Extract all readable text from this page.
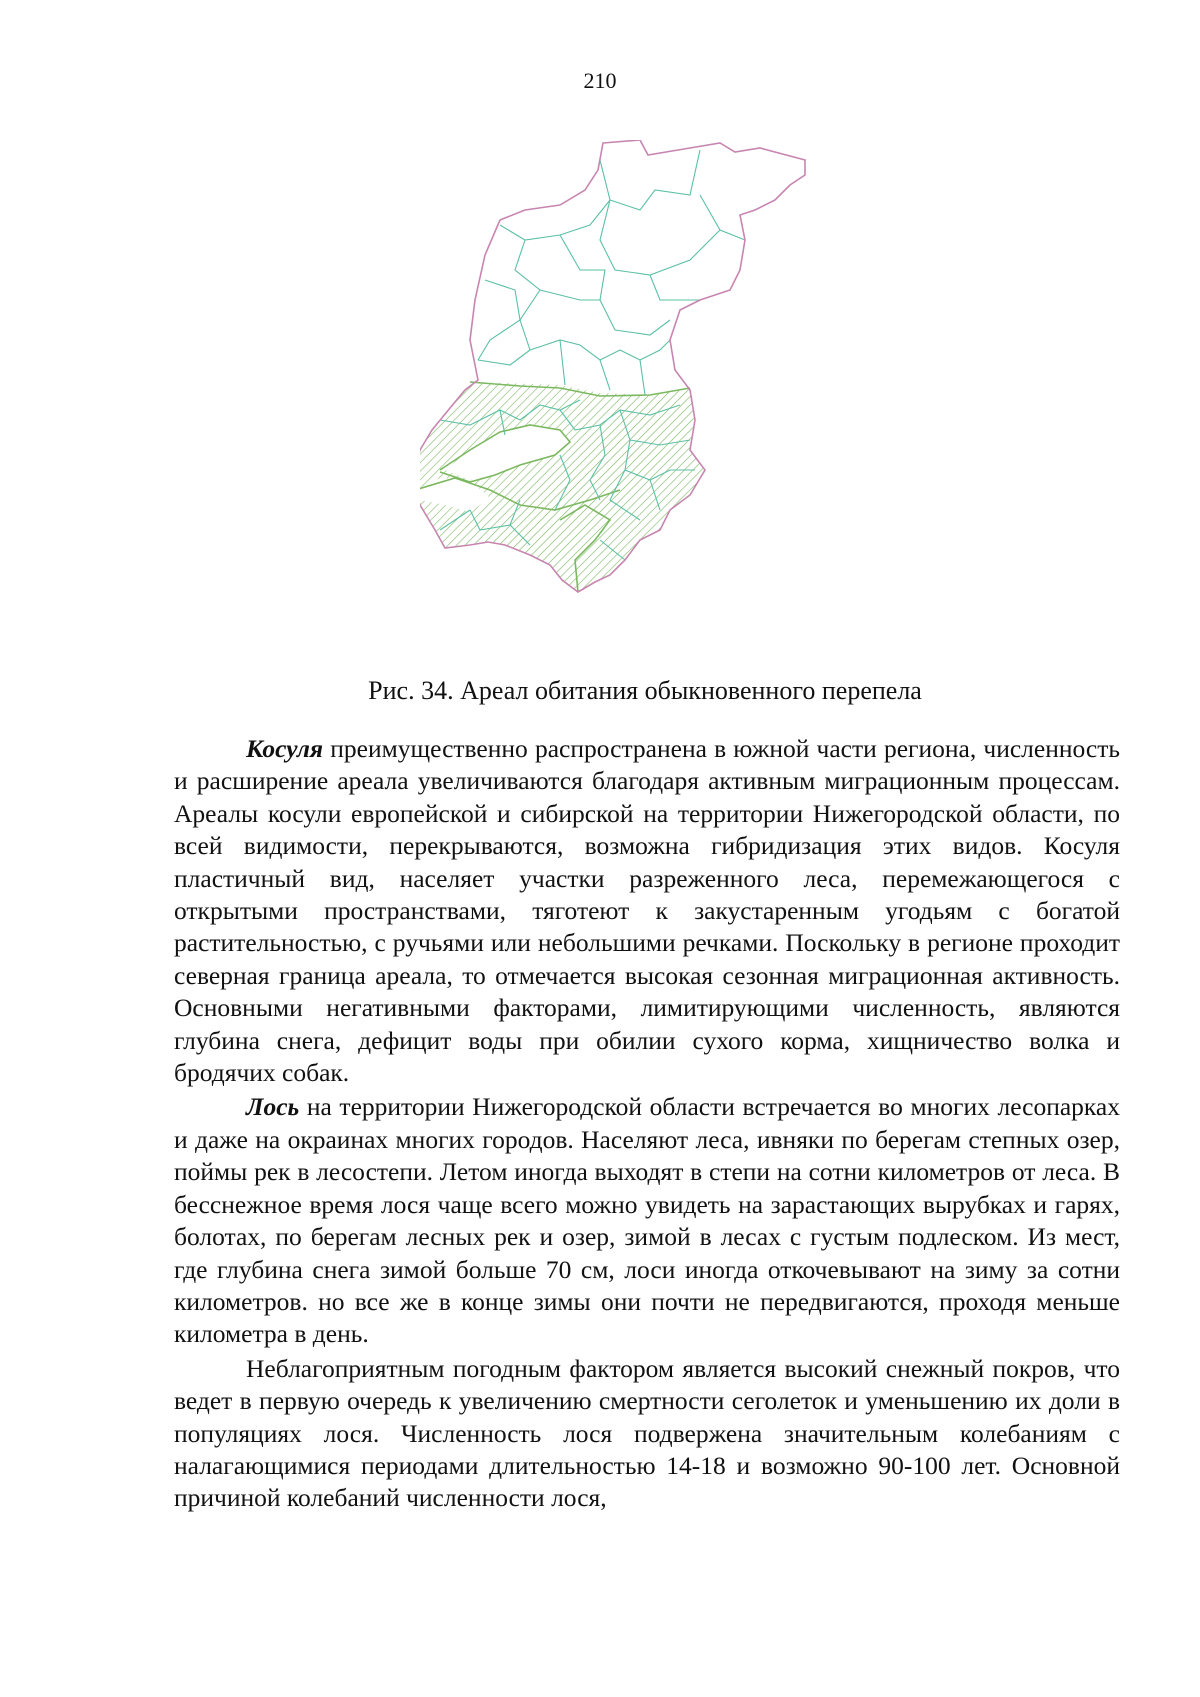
210
Рис. 34. Ареал обитания обыкновенного перепела

Косуля преимущественно распространена в южной части региона, численность и расширение ареала увеличиваются благодаря активным миграционным процессам. Ареалы косули европейской и сибирской на территории Нижегородской области, по всей видимости, перекрываются, возможна гибридизация этих видов. Косуля пластичный вид, населяет участки разреженного леса, перемежающегося с открытыми пространствами, тяготеют к закустаренным угодьям с богатой растительностью, с ручьями или небольшими речками. Поскольку в регионе проходит северная граница ареала, то отмечается высокая сезонная миграционная активность. Основными негативными факторами, лимитирующими численность, являются глубина снега, дефицит воды при обилии сухого корма, хищничество волка и бродячих собак.

Лось на территории Нижегородской области встречается во многих лесопарках и даже на окраинах многих городов. Населяют леса, ивняки по берегам степных озер, поймы рек в лесостепи. Летом иногда выходят в степи на сотни километров от леса. В бесснежное время лося чаще всего можно увидеть на зарастающих вырубках и гарях, болотах, по берегам лесных рек и озер, зимой в лесах с густым подлеском. Из мест, где глубина снега зимой больше 70 см, лоси иногда откочевывают на зиму за сотни километров. но все же в конце зимы они почти не передвигаются, проходя меньше километра в день.

Неблагоприятным погодным фактором является высокий снежный покров, что ведет в первую очередь к увеличению смертности сеголеток и уменьшению их доли в популяциях лося. Численность лося подвержена значительным колебаниям с налагающимися периодами длительностью 14-18 и возможно 90-100 лет. Основной причиной колебаний численности лося,
